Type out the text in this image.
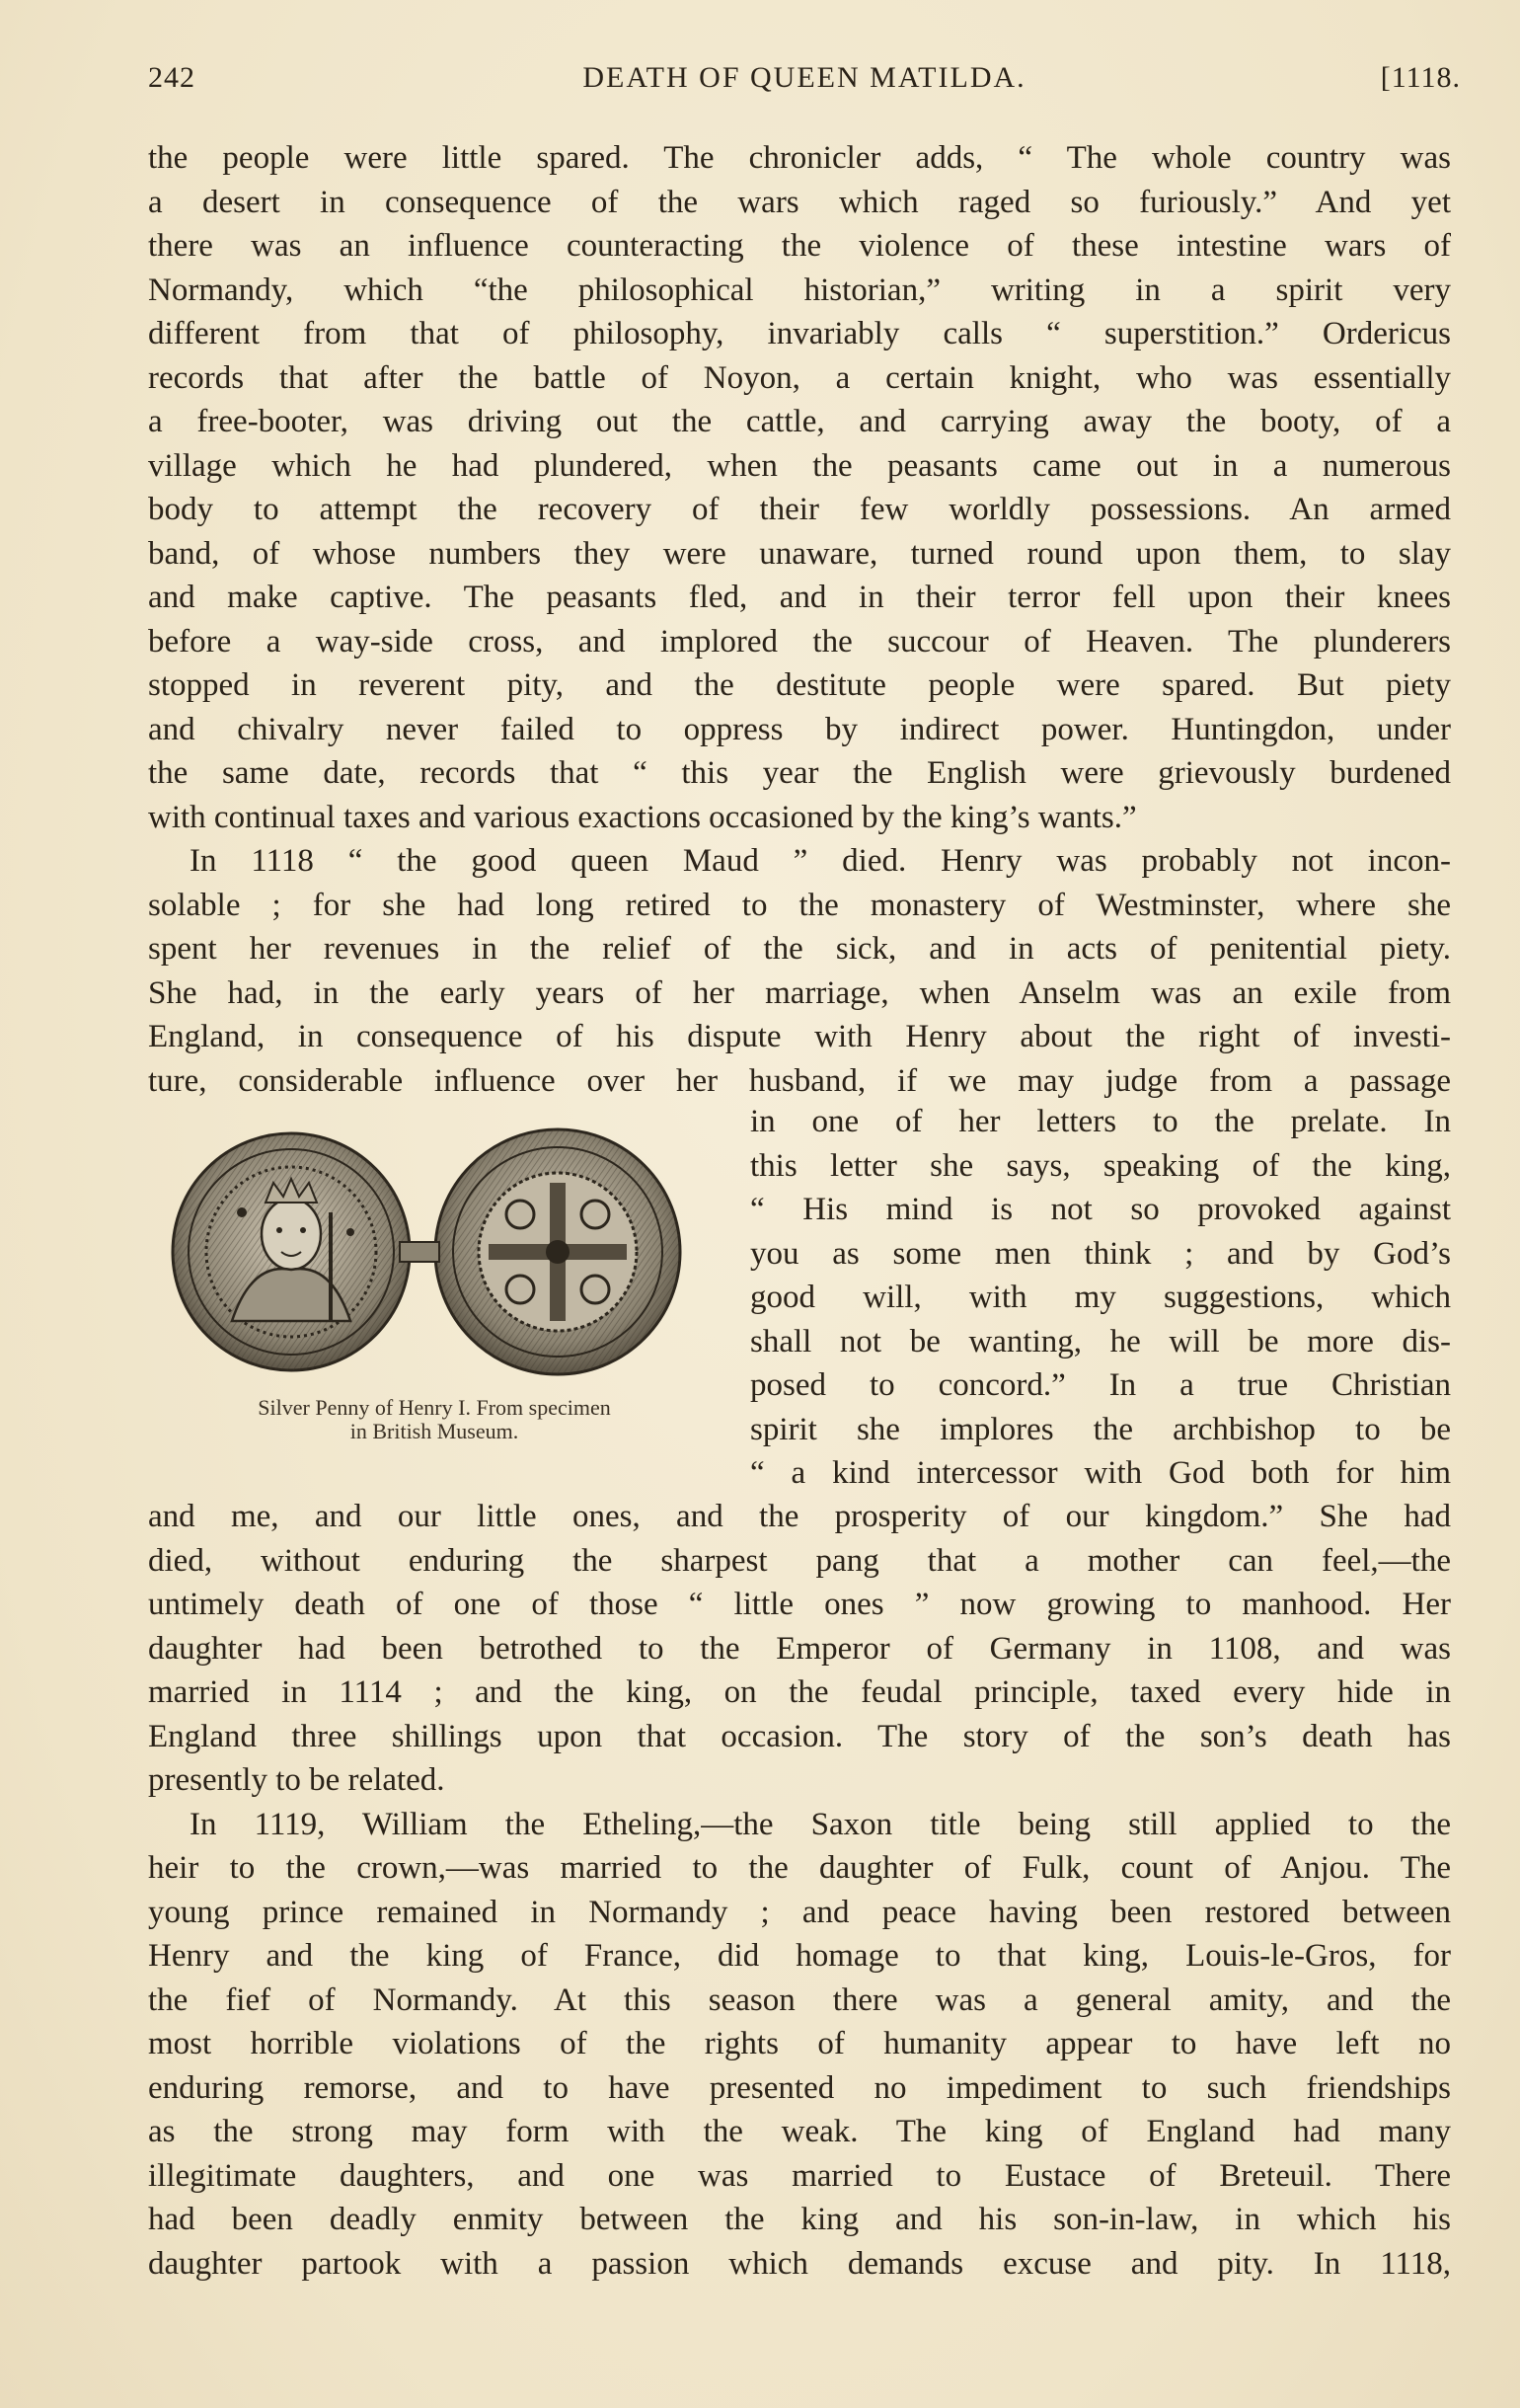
242	DEATH OF QUEEN MATILDA.	[1118.
the people were little spared. The chronicler adds, “ The whole country was
a desert in consequence of the wars which raged so furiously.” And yet
there was an influence counteracting the violence of these intestine wars of
Normandy, which “the philosophical historian,” writing in a spirit very
different from that of philosophy, invariably calls “ superstition.” Ordericus
records that after the battle of Noyon, a certain knight, who was essentially
a free-booter, was driving out the cattle, and carrying away the booty, of a
village which he had plundered, when the peasants came out in a numerous
body to attempt the recovery of their few worldly possessions. An armed
band, of whose numbers they were unaware, turned round upon them, to slay
and make captive. The peasants fled, and in their terror fell upon their knees
before a way-side cross, and implored the succour of Heaven. The plunderers
stopped in reverent pity, and the destitute people were spared. But piety
and chivalry never failed to oppress by indirect power. Huntingdon, under
the same date, records that “ this year the English were grievously burdened
with continual taxes and various exactions occasioned by the king’s wants.”
In 1118 “ the good queen Maud ” died. Henry was probably not incon-
solable ; for she had long retired to the monastery of Westminster, where she
spent her revenues in the relief of the sick, and in acts of penitential piety.
She had, in the early years of her marriage, when Anselm was an exile from
England, in consequence of his dispute with Henry about the right of investi-
ture, considerable influence over her husband, if we may judge from a passage
Silver Penny of Henry I. From specimen
in British Museum.
in one of her letters to the prelate. In
this letter she says, speaking of the king,
“ His mind is not so provoked against
you as some men think ; and by God’s
good will, with my suggestions, which
shall not be wanting, he will be more dis-
posed to concord.” In a true Christian
spirit she implores the archbishop to be
“ a kind intercessor with God both for him
and me, and our little ones, and the prosperity of our kingdom.” She had
died, without enduring the sharpest pang that a mother can feel,—the
untimely death of one of those “ little ones ” now growing to manhood. Her
daughter had been betrothed to the Emperor of Germany in 1108, and was
married in 1114 ; and the king, on the feudal principle, taxed every hide in
England three shillings upon that occasion. The story of the son’s death has
presently to be related.
In 1119, William the Etheling,—the Saxon title being still applied to the
heir to the crown,—was married to the daughter of Fulk, count of Anjou. The
young prince remained in Normandy ; and peace having been restored between
Henry and the king of France, did homage to that king, Louis-le-Gros, for
the fief of Normandy. At this season there was a general amity, and the
most horrible violations of the rights of humanity appear to have left no
enduring remorse, and to have presented no impediment to such friendships
as the strong may form with the weak. The king of England had many
illegitimate daughters, and one was married to Eustace of Breteuil. There
had been deadly enmity between the king and his son-in-law, in which his
daughter partook with a passion which demands excuse and pity. In 1118,
